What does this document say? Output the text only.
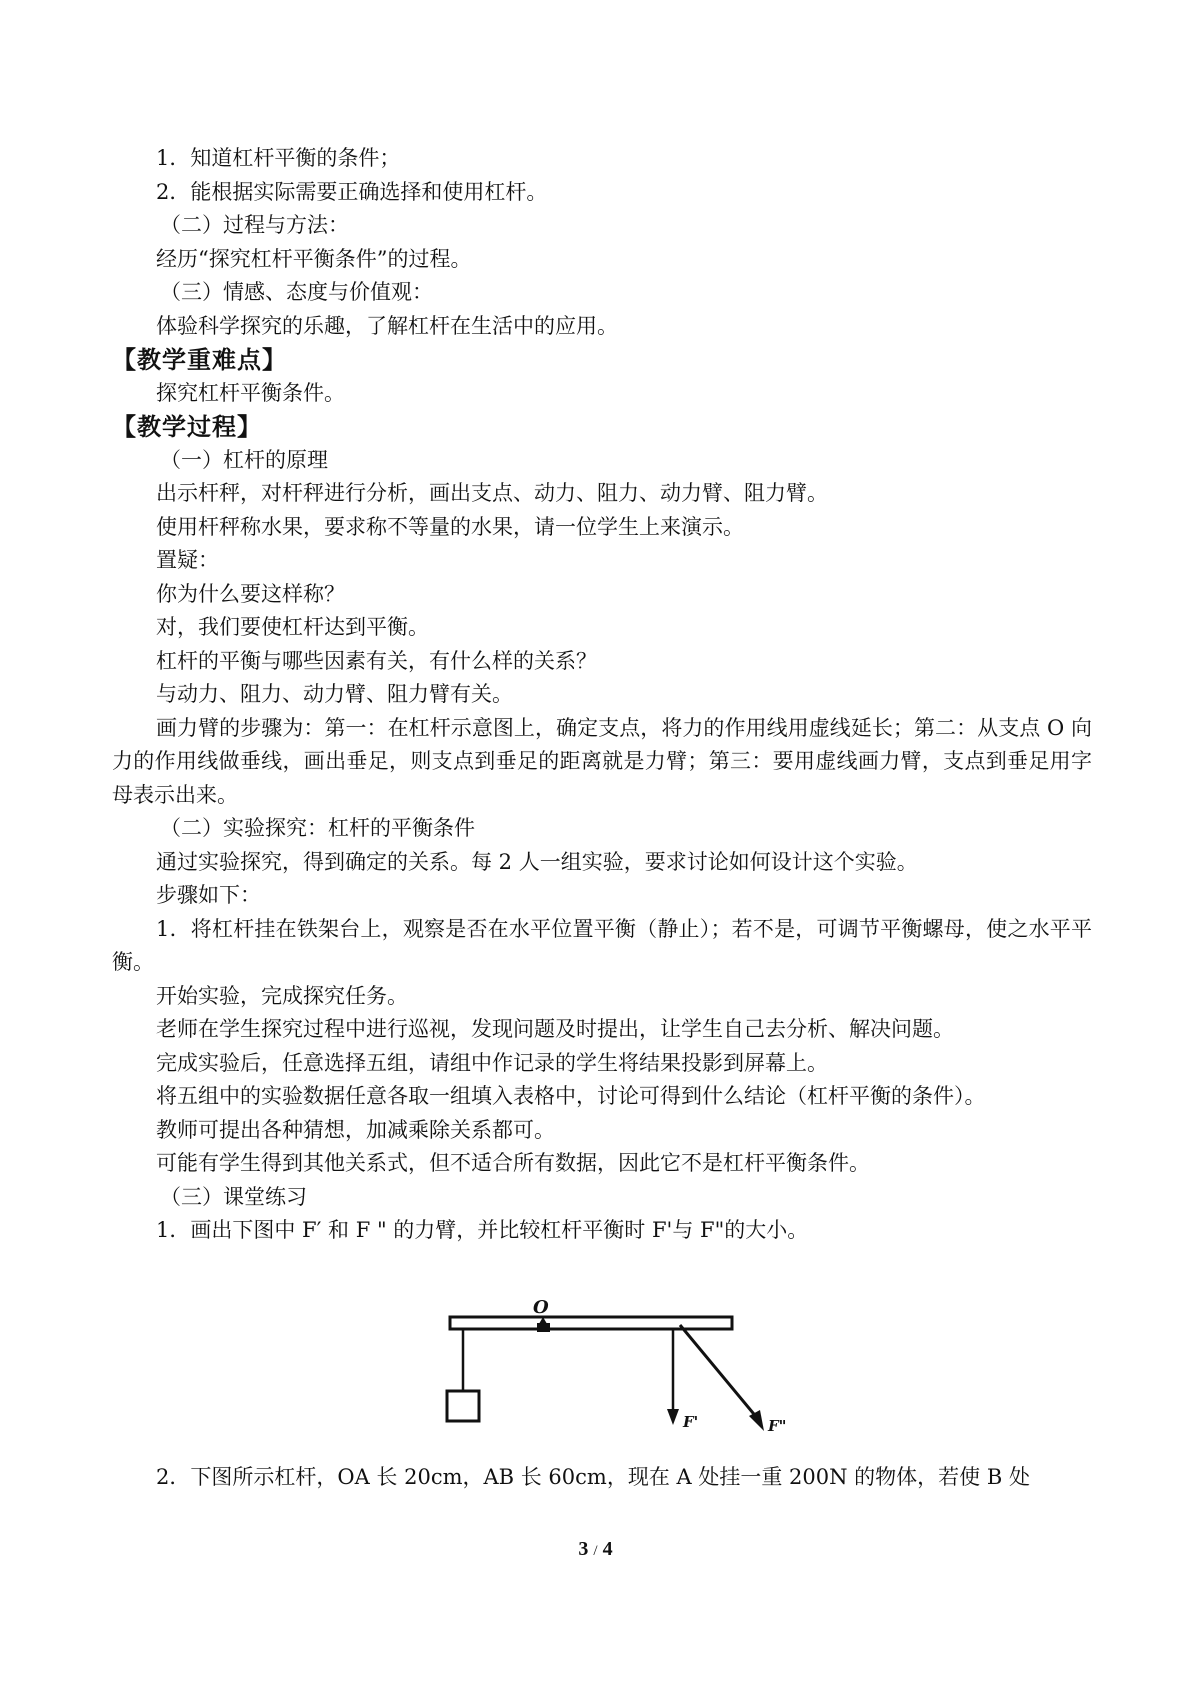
1．知道杠杆平衡的条件；

2．能根据实际需要正确选择和使用杠杆。

（二）过程与方法：

经历“探究杠杆平衡条件”的过程。

（三）情感、态度与价值观：

体验科学探究的乐趣，了解杠杆在生活中的应用。

【教学重难点】

探究杠杆平衡条件。

【教学过程】

（一）杠杆的原理

出示杆秤，对杆秤进行分析，画出支点、动力、阻力、动力臂、阻力臂。

使用杆秤称水果，要求称不等量的水果，请一位学生上来演示。

置疑：

你为什么要这样称？

对，我们要使杠杆达到平衡。

杠杆的平衡与哪些因素有关，有什么样的关系？

与动力、阻力、动力臂、阻力臂有关。

画力臂的步骤为：第一：在杠杆示意图上，确定支点，将力的作用线用虚线延长；第二：从支点 O 向力的作用线做垂线，画出垂足，则支点到垂足的距离就是力臂；第三：要用虚线画力臂，支点到垂足用字母表示出来。

（二）实验探究：杠杆的平衡条件

通过实验探究，得到确定的关系。每 2 人一组实验，要求讨论如何设计这个实验。

步骤如下：

1．将杠杆挂在铁架台上，观察是否在水平位置平衡（静止）；若不是，可调节平衡螺母，使之水平平衡。

开始实验，完成探究任务。

老师在学生探究过程中进行巡视，发现问题及时提出，让学生自己去分析、解决问题。

完成实验后，任意选择五组，请组中作记录的学生将结果投影到屏幕上。

将五组中的实验数据任意各取一组填入表格中，讨论可得到什么结论（杠杆平衡的条件）。

教师可提出各种猜想，加减乘除关系都可。

可能有学生得到其他关系式，但不适合所有数据，因此它不是杠杆平衡条件。

（三）课堂练习

1．画出下图中 F′ 和 F " 的力臂，并比较杠杆平衡时 F'与 F"的大小。

O
F'	F"

2．下图所示杠杆，OA 长 20cm，AB 长 60cm，现在 A 处挂一重 200N 的物体，若使 B 处

3 / 4
